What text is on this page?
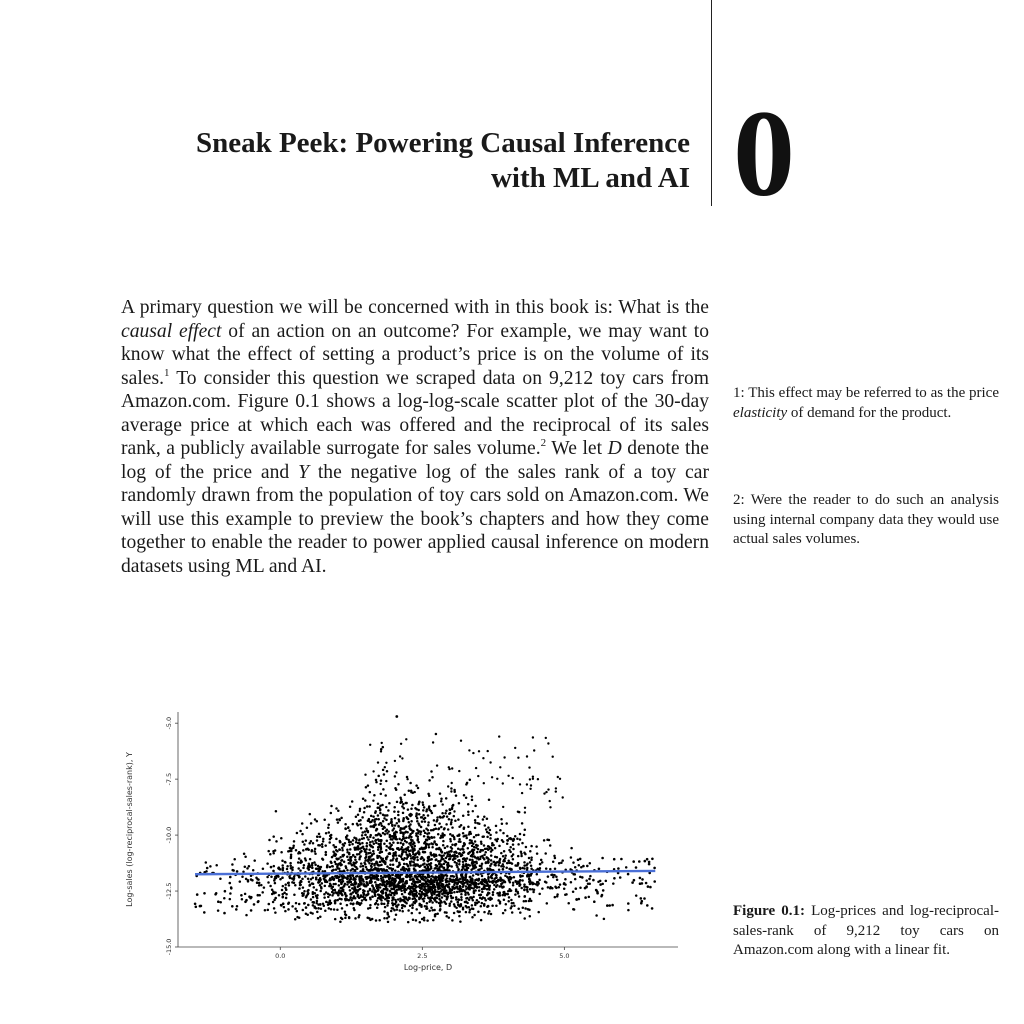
Sneak Peek: Powering Causal Inference
with ML and AI 0

A primary question we will be concerned with in this book is: What is the causal effect of an action on an outcome? For example, we may want to know what the effect of setting a product’s price is on the volume of its sales.$^1$ To consider this question we scraped data on 9,212 toy cars from Amazon.com. Figure 0.1 shows a log-log-scale scatter plot of the 30-day average price at which each was offered and the reciprocal of its sales rank, a publicly available surrogate for sales volume.$^2$ We let D denote the log of the price and Y the negative log of the sales rank of a toy car randomly drawn from the population of toy cars sold on Amazon.com. We will use this example to preview the book’s chapters and how they come together to enable the reader to power applied causal inference on modern datasets using ML and AI.

1: This effect may be referred to as the price elasticity of demand for the product.

2: Were the reader to do such an analysis using internal company data they would use actual sales volumes.

Figure 0.1: Log-prices and log-reciprocal-sales-rank of 9,212 toy cars on Amazon.com along with a linear fit.

-5.0
-7.5
-10.0
-12.5
-15.0
0.0	2.5	5.0
Log-price, D
Log-sales (log-reciprocal-sales-rank), Y
